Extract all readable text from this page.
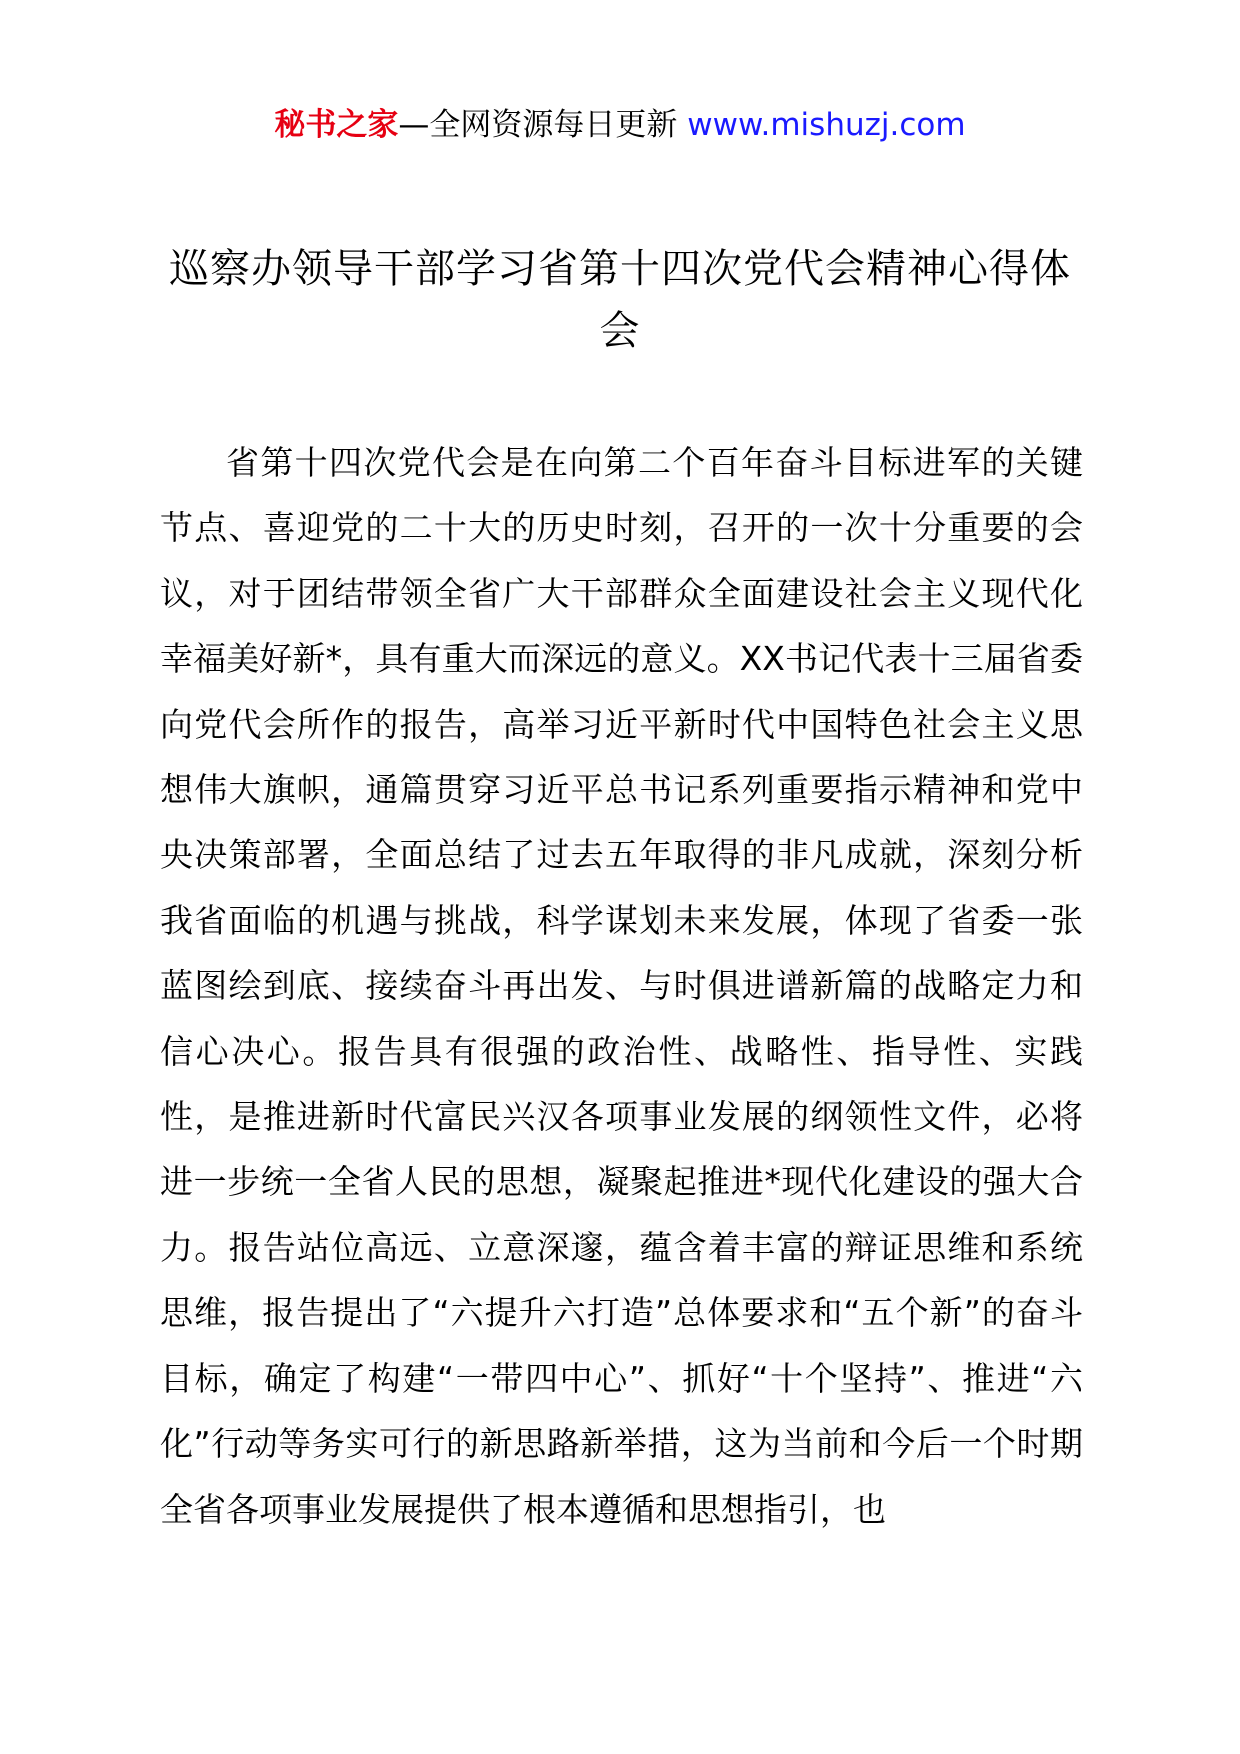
秘书之家—全网资源每日更新 www.mishuzj.com
巡察办领导干部学习省第十四次党代会精神心得体会

省第十四次党代会是在向第二个百年奋斗目标进军的关键节点、喜迎党的二十大的历史时刻，召开的一次十分重要的会议，对于团结带领全省广大干部群众全面建设社会主义现代化幸福美好新*，具有重大而深远的意义。XX书记代表十三届省委向党代会所作的报告，高举习近平新时代中国特色社会主义思想伟大旗帜，通篇贯穿习近平总书记系列重要指示精神和党中央决策部署，全面总结了过去五年取得的非凡成就，深刻分析我省面临的机遇与挑战，科学谋划未来发展，体现了省委一张蓝图绘到底、接续奋斗再出发、与时俱进谱新篇的战略定力和信心决心。报告具有很强的政治性、战略性、指导性、实践性，是推进新时代富民兴汉各项事业发展的纲领性文件，必将进一步统一全省人民的思想，凝聚起推进*现代化建设的强大合力。报告站位高远、立意深邃，蕴含着丰富的辩证思维和系统思维，报告提出了“六提升六打造”总体要求和“五个新”的奋斗目标，确定了构建“一带四中心”、抓好“十个坚持”、推进“六化”行动等务实可行的新思路新举措，这为当前和今后一个时期全省各项事业发展提供了根本遵循和思想指引，也
